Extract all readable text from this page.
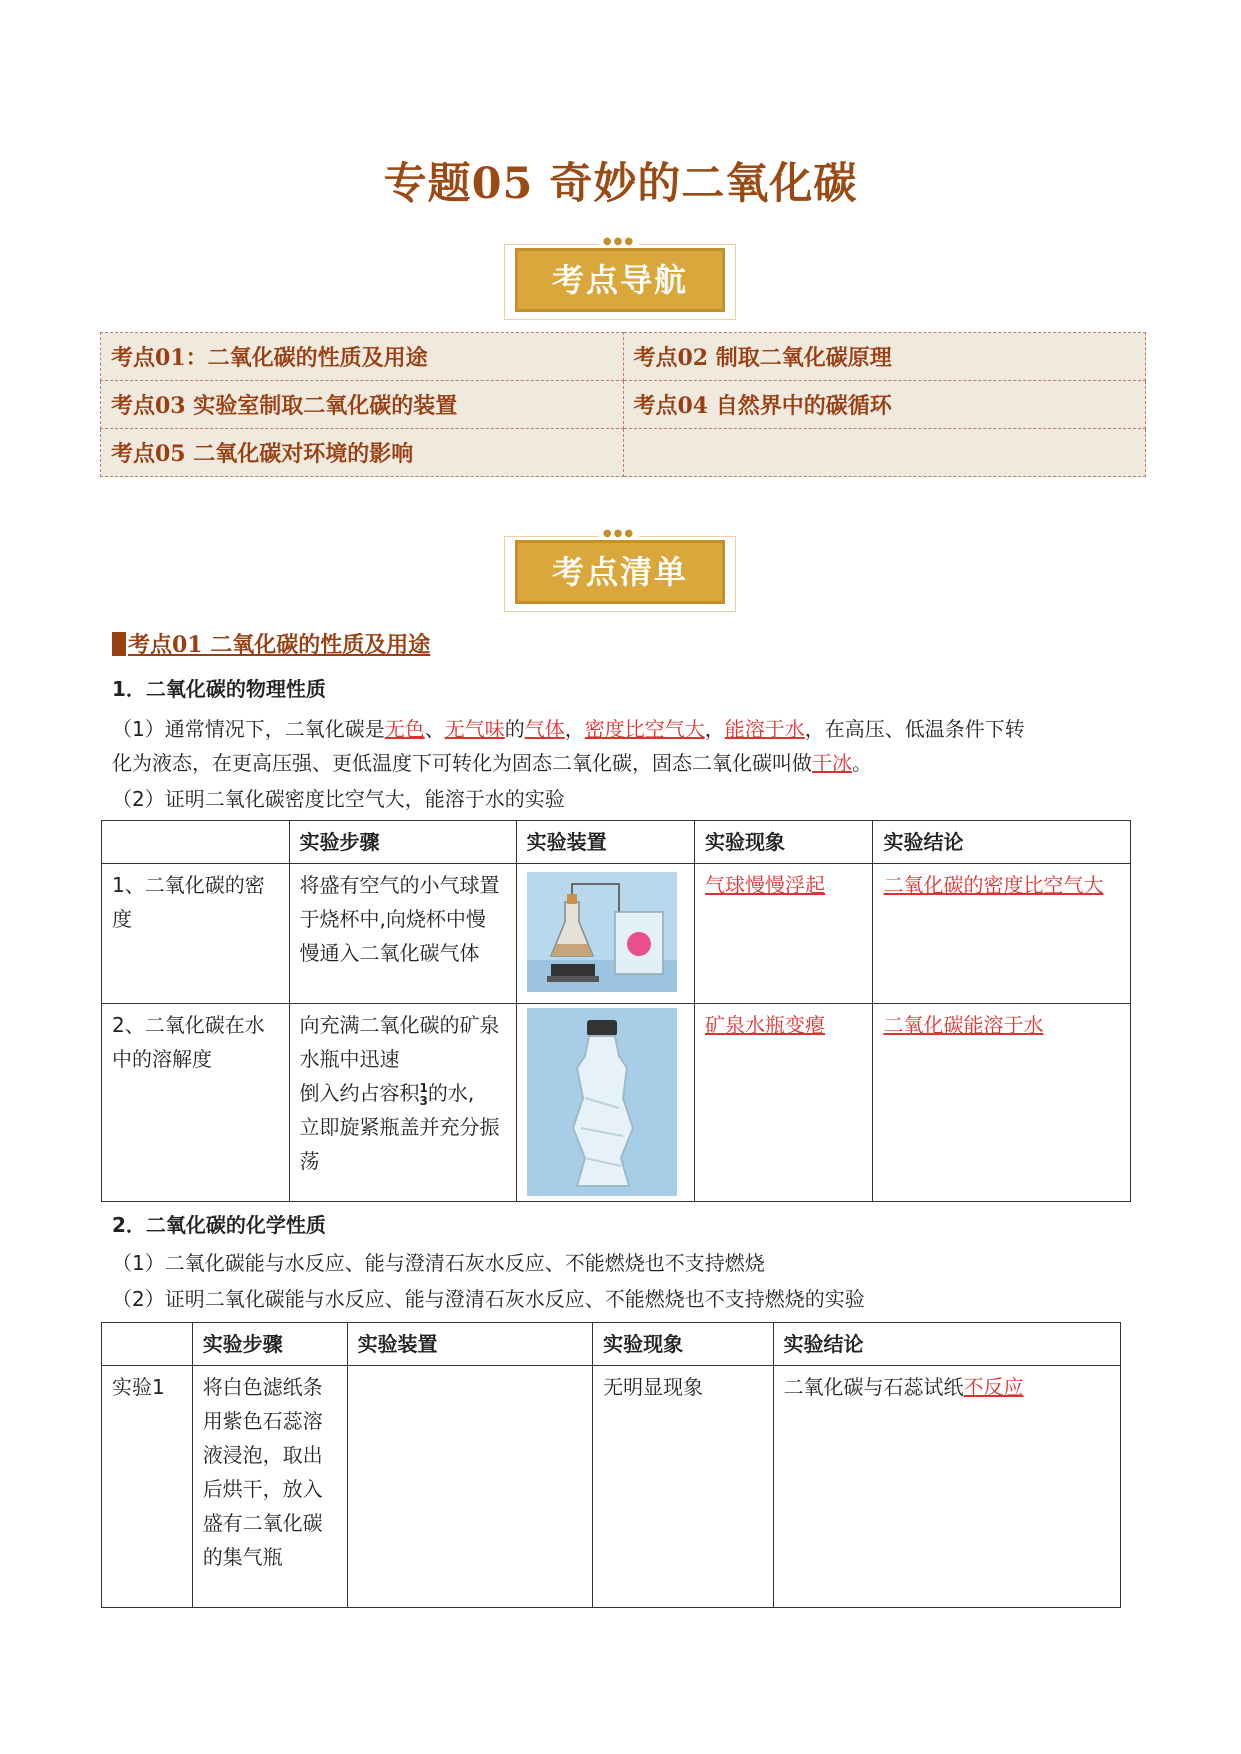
专题05 奇妙的二氧化碳
●●●
考点导航
考点01：二氧化碳的性质及用途	考点02 制取二氧化碳原理
考点03 实验室制取二氧化碳的装置	考点04 自然界中的碳循环
考点05 二氧化碳对环境的影响	
●●●
考点清单
考点01 二氧化碳的性质及用途
1．二氧化碳的物理性质
（1）通常情况下，二氧化碳是无色、无气味的气体，密度比空气大，能溶于水，在高压、低温条件下转
化为液态，在更高压强、更低温度下可转化为固态二氧化碳，固态二氧化碳叫做干冰。
（2）证明二氧化碳密度比空气大，能溶于水的实验
	实验步骤	实验装置	实验现象	实验结论
1、二氧化碳的密度	将盛有空气的小气球置于烧杯中,向烧杯中慢慢通入二氧化碳气体		气球慢慢浮起	二氧化碳的密度比空气大
2、二氧化碳在水中的溶解度	向充满二氧化碳的矿泉水瓶中迅速
倒入约占容积1
3的水,
立即旋紧瓶盖并充分振荡		矿泉水瓶变瘪	二氧化碳能溶于水
2．二氧化碳的化学性质
（1）二氧化碳能与水反应、能与澄清石灰水反应、不能燃烧也不支持燃烧
（2）证明二氧化碳能与水反应、能与澄清石灰水反应、不能燃烧也不支持燃烧的实验
	实验步骤	实验装置	实验现象	实验结论
实验1	将白色滤纸条用紫色石蕊溶液浸泡，取出后烘干，放入盛有二氧化碳的集气瓶		无明显现象	二氧化碳与石蕊试纸不反应
